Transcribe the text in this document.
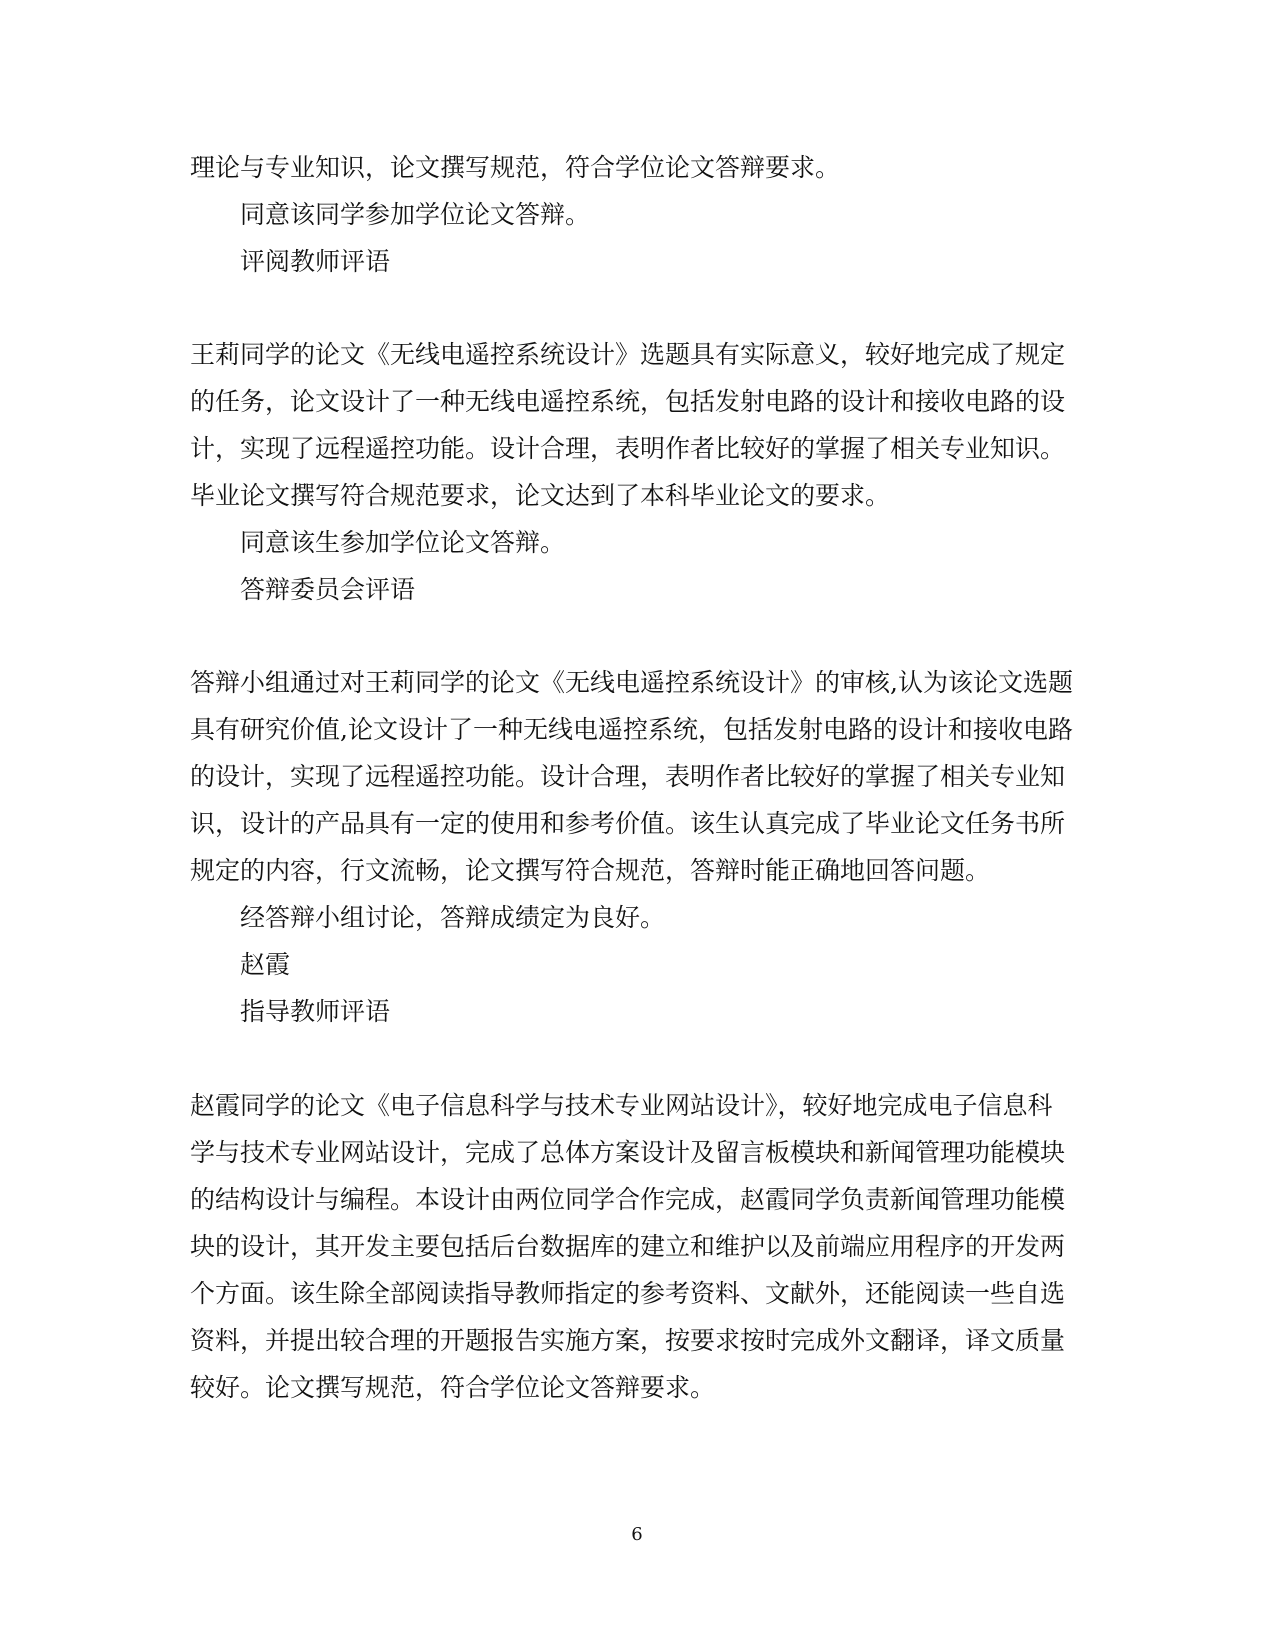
理论与专业知识，论文撰写规范，符合学位论文答辩要求。
同意该同学参加学位论文答辩。
评阅教师评语
王莉同学的论文《无线电遥控系统设计》选题具有实际意义，较好地完成了规定
的任务，论文设计了一种无线电遥控系统，包括发射电路的设计和接收电路的设
计，实现了远程遥控功能。设计合理，表明作者比较好的掌握了相关专业知识。
毕业论文撰写符合规范要求，论文达到了本科毕业论文的要求。
同意该生参加学位论文答辩。
答辩委员会评语
答辩小组通过对王莉同学的论文《无线电遥控系统设计》的审核,认为该论文选题
具有研究价值,论文设计了一种无线电遥控系统，包括发射电路的设计和接收电路
的设计，实现了远程遥控功能。设计合理，表明作者比较好的掌握了相关专业知
识，设计的产品具有一定的使用和参考价值。该生认真完成了毕业论文任务书所
规定的内容，行文流畅，论文撰写符合规范，答辩时能正确地回答问题。
经答辩小组讨论，答辩成绩定为良好。
赵霞
指导教师评语
赵霞同学的论文《电子信息科学与技术专业网站设计》，较好地完成电子信息科
学与技术专业网站设计，完成了总体方案设计及留言板模块和新闻管理功能模块
的结构设计与编程。本设计由两位同学合作完成，赵霞同学负责新闻管理功能模
块的设计，其开发主要包括后台数据库的建立和维护以及前端应用程序的开发两
个方面。该生除全部阅读指导教师指定的参考资料、文献外，还能阅读一些自选
资料，并提出较合理的开题报告实施方案，按要求按时完成外文翻译，译文质量
较好。论文撰写规范，符合学位论文答辩要求。
6
